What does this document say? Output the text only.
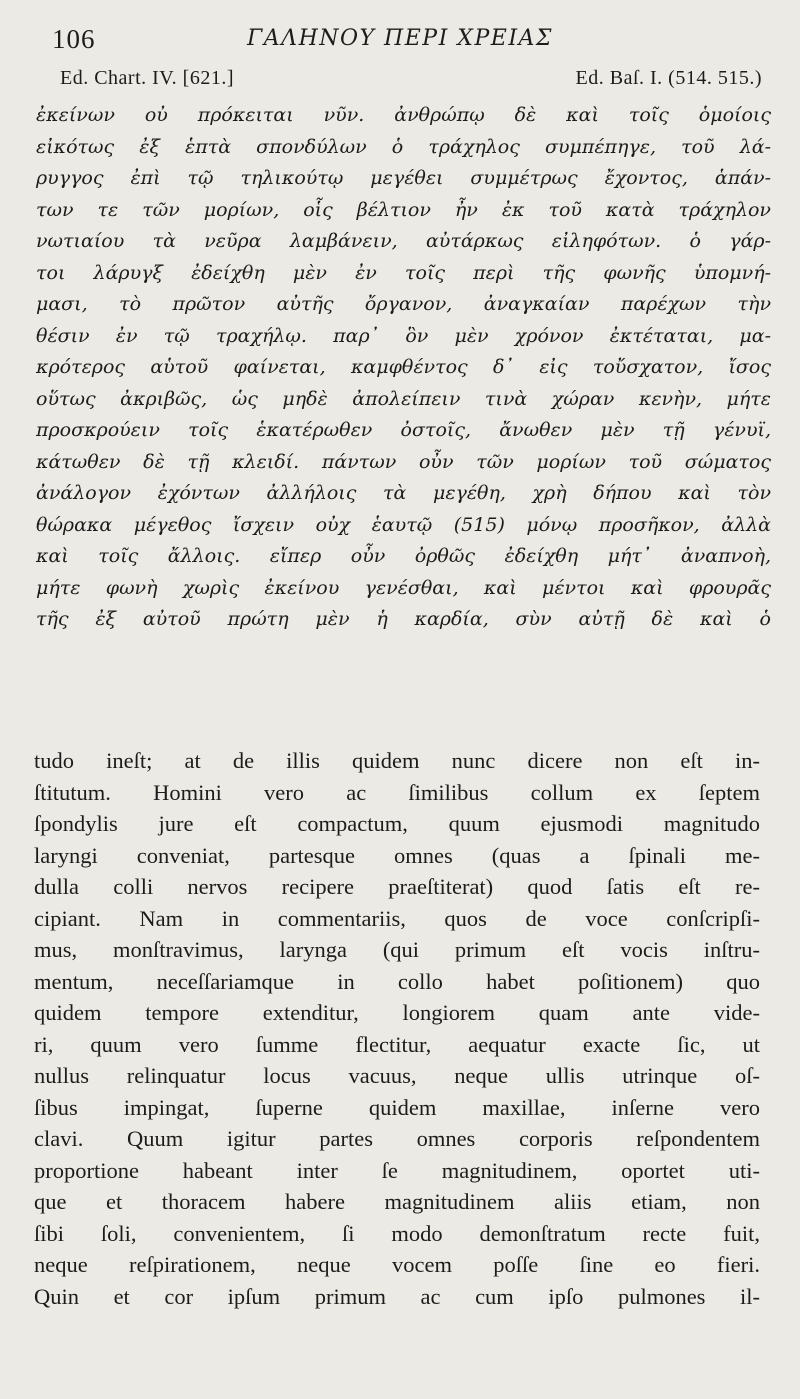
106	ΓΑΛΗΝΟΥ ΠΕΡΙ ΧΡΕΙΑΣ
Ed. Chart. IV. [621.]	Ed. Baſ. I. (514. 515.)
ἐκείνων οὐ πρόκειται νῦν. ἀνθρώπῳ δὲ καὶ τοῖς ὁμοίοις
εἰκότως ἐξ ἑπτὰ σπονδύλων ὁ τράχηλος συμπέπηγε, τοῦ λά-
ρυγγος ἐπὶ τῷ τηλικούτῳ μεγέθει συμμέτρως ἔχοντος, ἁπάν-
των τε τῶν μορίων, οἷς βέλτιον ἦν ἐκ τοῦ κατὰ τράχηλον
νωτιαίου τὰ νεῦρα λαμβάνειν, αὐτάρκως εἰληφότων. ὁ γάρ-
τοι λάρυγξ ἐδείχθη μὲν ἐν τοῖς περὶ τῆς φωνῆς ὑπομνή-
μασι, τὸ πρῶτον αὐτῆς ὄργανον, ἀναγκαίαν παρέχων τὴν
θέσιν ἐν τῷ τραχήλῳ. παρ᾽ ὃν μὲν χρόνον ἐκτέταται, μα-
κρότερος αὑτοῦ φαίνεται, καμφθέντος δ᾽ εἰς τοὔσχατον, ἴσος
οὕτως ἀκριβῶς, ὡς μηδὲ ἀπολείπειν τινὰ χώραν κενὴν, μήτε
προσκρούειν τοῖς ἑκατέρωθεν ὀστοῖς, ἄνωθεν μὲν τῇ γένυϊ,
κάτωθεν δὲ τῇ κλειδί. πάντων οὖν τῶν μορίων τοῦ σώματος
ἀνάλογον ἐχόντων ἀλλήλοις τὰ μεγέθη, χρὴ δήπου καὶ τὸν
θώρακα μέγεθος ἴσχειν οὐχ ἑαυτῷ (515) μόνῳ προσῆκον, ἀλλὰ
καὶ τοῖς ἄλλοις. εἴπερ οὖν ὀρθῶς ἐδείχθη μήτ᾽ ἀναπνοὴ,
μήτε φωνὴ χωρὶς ἐκείνου γενέσθαι, καὶ μέντοι καὶ φρουρᾶς
τῆς ἐξ αὐτοῦ πρώτη μὲν ἡ καρδία, σὺν αὐτῇ δὲ καὶ ὁ
tudo ineſt; at de illis quidem nunc dicere non eſt in-
ſtitutum. Homini vero ac ſimilibus collum ex ſeptem
ſpondylis jure eſt compactum, quum ejusmodi magnitudo
laryngi conveniat, partesque omnes (quas a ſpinali me-
dulla colli nervos recipere praeſtiterat) quod ſatis eſt re-
cipiant. Nam in commentariis, quos de voce conſcripſi-
mus, monſtravimus, larynga (qui primum eſt vocis inſtru-
mentum, neceſſariamque in collo habet poſitionem) quo
quidem tempore extenditur, longiorem quam ante vide-
ri, quum vero ſumme flectitur, aequatur exacte ſic, ut
nullus relinquatur locus vacuus, neque ullis utrinque oſ-
ſibus impingat, ſuperne quidem maxillae, inſerne vero
clavi. Quum igitur partes omnes corporis reſpondentem
proportione habeant inter ſe magnitudinem, oportet uti-
que et thoracem habere magnitudinem aliis etiam, non
ſibi ſoli, convenientem, ſi modo demonſtratum recte fuit,
neque reſpirationem, neque vocem poſſe ſine eo fieri.
Quin et cor ipſum primum ac cum ipſo pulmones il-
